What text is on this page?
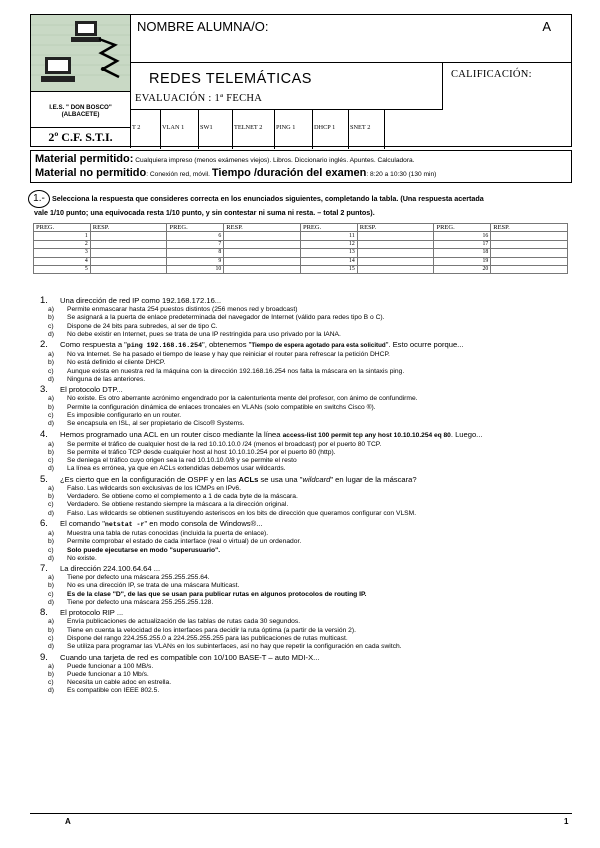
NOMBRE ALUMNA/O:	A
REDES TELEMÁTICAS	CALIFICACIÓN:
EVALUACIÓN : 1ª FECHA
I.E.S. " DON BOSCO"
(ALBACETE)
2º C.F. S.T.I.
T 2	VLAN 1	SW1	TELNET 2	PING 1	DHCP 1	SNET 2
Material permitido: Cualquiera impreso (menos exámenes viejos). Libros. Diccionario inglés. Apuntes. Calculadora.
Material no permitido: Conexión red, móvil. Tiempo /duración del examen: 8:20 a 10:30 (130 min)
1.- Selecciona la respuesta que consideres correcta en los enunciados siguientes, completando la tabla. (Una respuesta acertada
vale 1/10 punto; una equivocada resta 1/10 punto, y sin contestar ni suma ni resta. – total 2 puntos).
PREG.	RESP.	PREG.	RESP.	PREG.	RESP.	PREG.	RESP.
1		6		11		16	
2		7		12		17	
3		8		13		18	
4		9		14		19	
5		10		15		20	
1. Una dirección de red IP como 192.168.172.16...
a)	Permite enmascarar hasta 254 puestos distintos (256 menos red y broadcast)
b)	Se asignará a la puerta de enlace predeterminada del navegador de Internet (válido para redes tipo B o C).
c)	Dispone de 24 bits para subredes, al ser de tipo C.
d)	No debe existir en Internet, pues se trata de una IP restringida para uso privado por la IANA.
2. Como respuesta a "ping 192.168.16.254", obtenemos "Tiempo de espera agotado para esta solicitud". Esto ocurre porque...
a)	No va Internet. Se ha pasado el tiempo de lease y hay que reiniciar el router para refrescar la petición DHCP.
b)	No está definido el cliente DHCP.
c)	Aunque exista en nuestra red la máquina con la dirección 192.168.16.254 nos falta la máscara en la sintaxis ping.
d)	Ninguna de las anteriores.
3. El protocolo DTP...
a)	No existe. Es otro aberrante acrónimo engendrado por la calenturienta mente del profesor, con ánimo de confundirme.
b)	Permite la configuración dinámica de enlaces troncales en VLANs (solo compatible en switchs Cisco ®).
c)	Es imposible configurarlo en un router.
d)	Se encapsula en ISL, al ser propietario de Cisco® Systems.
4. Hemos programado una ACL en un router cisco mediante la línea access-list 100 permit tcp any host 10.10.10.254 eq 80. Luego...
a)	Se permite el tráfico de cualquier host de la red 10.10.10.0 /24 (menos el broadcast) por el puerto 80 TCP.
b)	Se permite el tráfico TCP desde cualquier host al host 10.10.10.254 por el puerto 80 (http).
c)	Se deniega el tráfico cuyo origen sea la red 10.10.10.0/8 y se permite el resto
d)	La línea es errónea, ya que en ACLs extendidas debemos usar wildcards.
5. ¿Es cierto que en la configuración de OSPF y en las ACLs se usa una "wildcard" en lugar de la máscara?
a)	Falso. Las wildcards son exclusivas de los ICMPs en IPv6.
b)	Verdadero. Se obtiene como el complemento a 1 de cada byte de la máscara.
c)	Verdadero. Se obtiene restando siempre la máscara a la dirección original.
d)	Falso. Las wildcards se obtienen sustituyendo asteriscos en los bits de dirección que queramos configurar con VLSM.
6. El comando "netstat -r" en modo consola de Windows®...
a)	Muestra una tabla de rutas conocidas (incluida la puerta de enlace).
b)	Permite comprobar el estado de cada interface (real o virtual) de un ordenador.
c)	Solo puede ejecutarse en modo "superusuario".
d)	No existe.
7. La dirección 224.100.64.64 ...
a)	Tiene por defecto una máscara 255.255.255.64.
b)	No es una dirección IP, se trata de una máscara Multicast.
c)	Es de la clase "D", de las que se usan para publicar rutas en algunos protocolos de routing IP.
d)	Tiene por defecto una máscara 255.255.255.128.
8. El protocolo RIP ...
a)	Envía publicaciones de actualización de las tablas de rutas cada 30 segundos.
b)	Tiene en cuenta la velocidad de los interfaces para decidir la ruta óptima (a partir de la versión 2).
c)	Dispone del rango 224.255.255.0 a 224.255.255.255 para las publicaciones de rutas multicast.
d)	Se utiliza para programar las VLANs en los subinterfaces, así no hay que repetir la configuración en cada switch.
9. Cuando una tarjeta de red es compatible con 10/100 BASE-T – auto MDI-X...
a)	Puede funcionar a 100 MB/s.
b)	Puede funcionar a 10 Mb/s.
c)	Necesita un cable adoc en estrella.
d)	Es compatible con IEEE 802.5.
A	1
